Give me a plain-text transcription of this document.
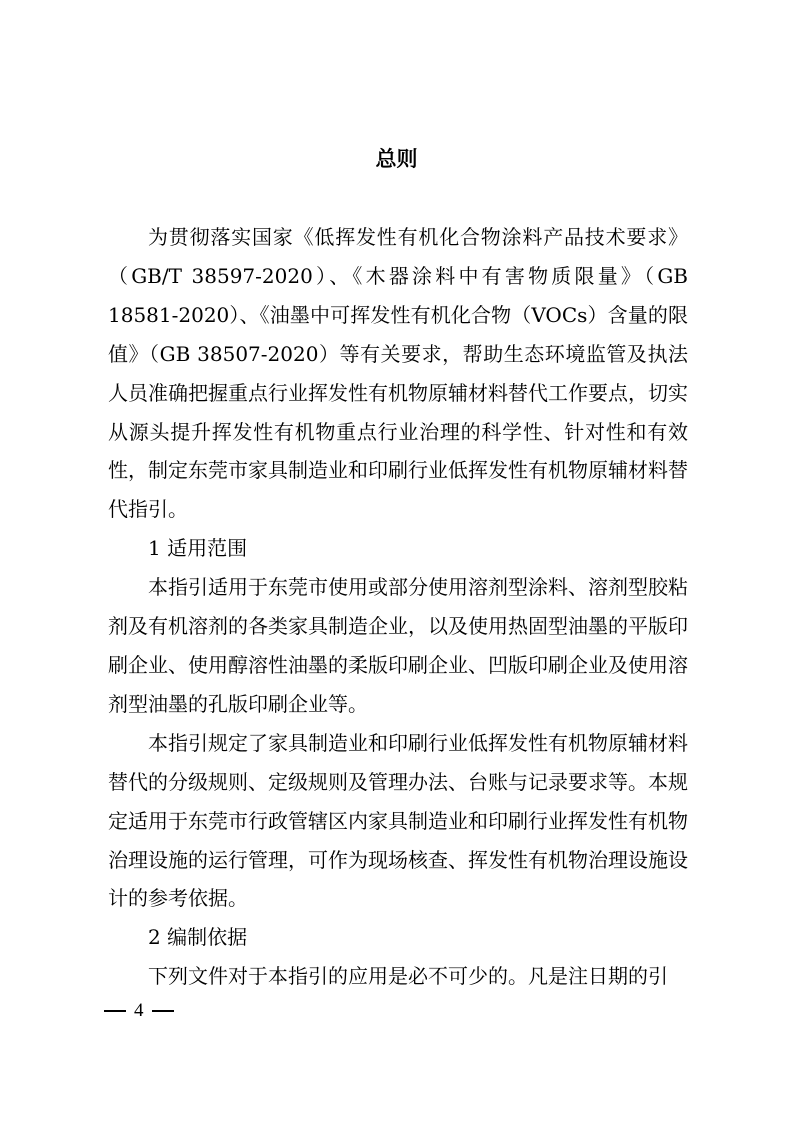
总则

为贯彻落实国家《低挥发性有机化合物涂料产品技术要求》（GB/T 38597-2020）、《木器涂料中有害物质限量》（GB 18581-2020）、《油墨中可挥发性有机化合物（VOCs）含量的限值》（GB 38507-2020）等有关要求，帮助生态环境监管及执法人员准确把握重点行业挥发性有机物原辅材料替代工作要点，切实从源头提升挥发性有机物重点行业治理的科学性、针对性和有效性，制定东莞市家具制造业和印刷行业低挥发性有机物原辅材料替代指引。

1 适用范围

本指引适用于东莞市使用或部分使用溶剂型涂料、溶剂型胶粘剂及有机溶剂的各类家具制造企业，以及使用热固型油墨的平版印刷企业、使用醇溶性油墨的柔版印刷企业、凹版印刷企业及使用溶剂型油墨的孔版印刷企业等。

本指引规定了家具制造业和印刷行业低挥发性有机物原辅材料替代的分级规则、定级规则及管理办法、台账与记录要求等。本规定适用于东莞市行政管辖区内家具制造业和印刷行业挥发性有机物治理设施的运行管理，可作为现场核查、挥发性有机物治理设施设计的参考依据。

2 编制依据

下列文件对于本指引的应用是必不可少的。凡是注日期的引

4
